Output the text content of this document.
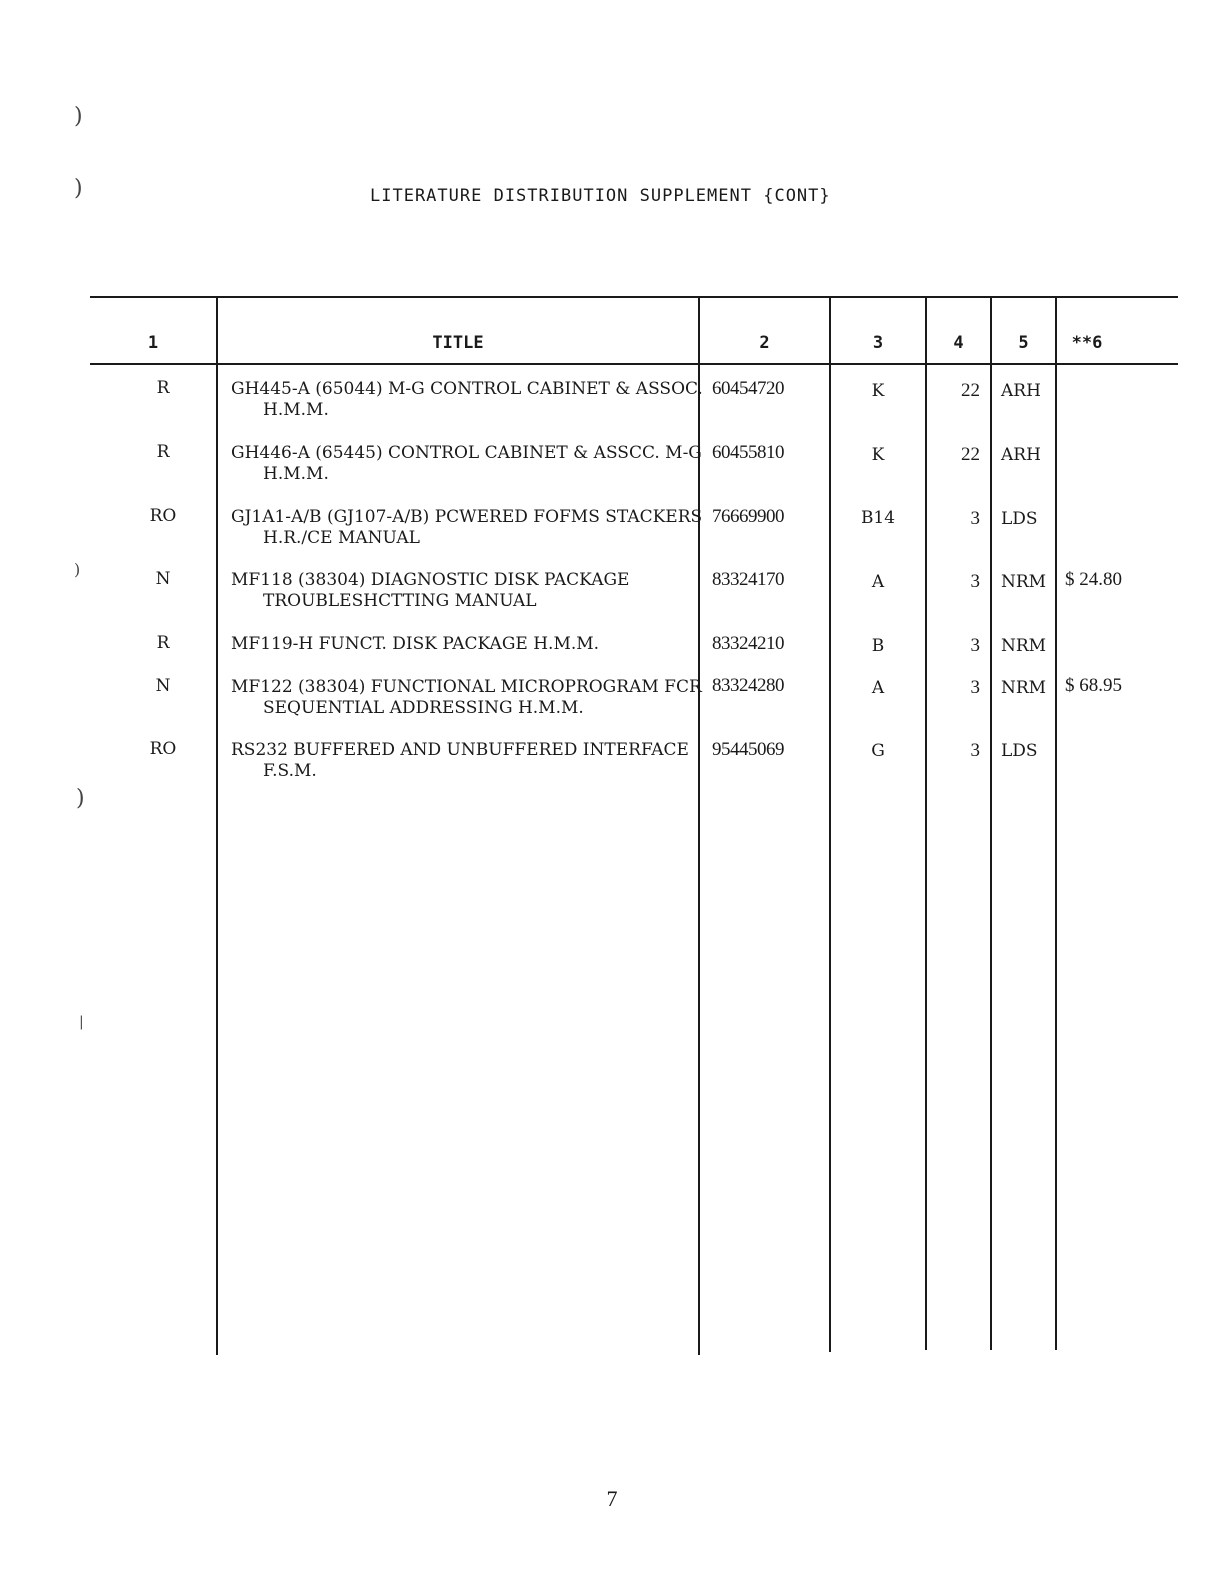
LITERATURE DISTRIBUTION SUPPLEMENT {CONT}
)
)
)
)
|
1	TITLE	2	3	4	5	**6
R	GH445-A (65044) M-G CONTROL CABINET & ASSOC.
H.M.M.
60454720	K	22 ARH
R	GH446-A (65445) CONTROL CABINET & ASSCC. M-G
H.M.M.
60455810	K	22 ARH
RO	GJ1A1-A/B (GJ107-A/B) PCWERED FOFMS STACKERS
H.R./CE MANUAL
76669900	B14	3 LDS
N	MF118 (38304) DIAGNOSTIC DISK PACKAGE
TROUBLESHCTTING MANUAL
83324170	A	3 NRM $ 24.80
R	MF119-H FUNCT. DISK PACKAGE H.M.M.	83324210	B	3 NRM
N	MF122 (38304) FUNCTIONAL MICROPROGRAM FCR
SEQUENTIAL ADDRESSING H.M.M.
83324280	A	3 NRM $ 68.95
RO	RS232 BUFFERED AND UNBUFFERED INTERFACE
F.S.M.
95445069	G	3 LDS
7
